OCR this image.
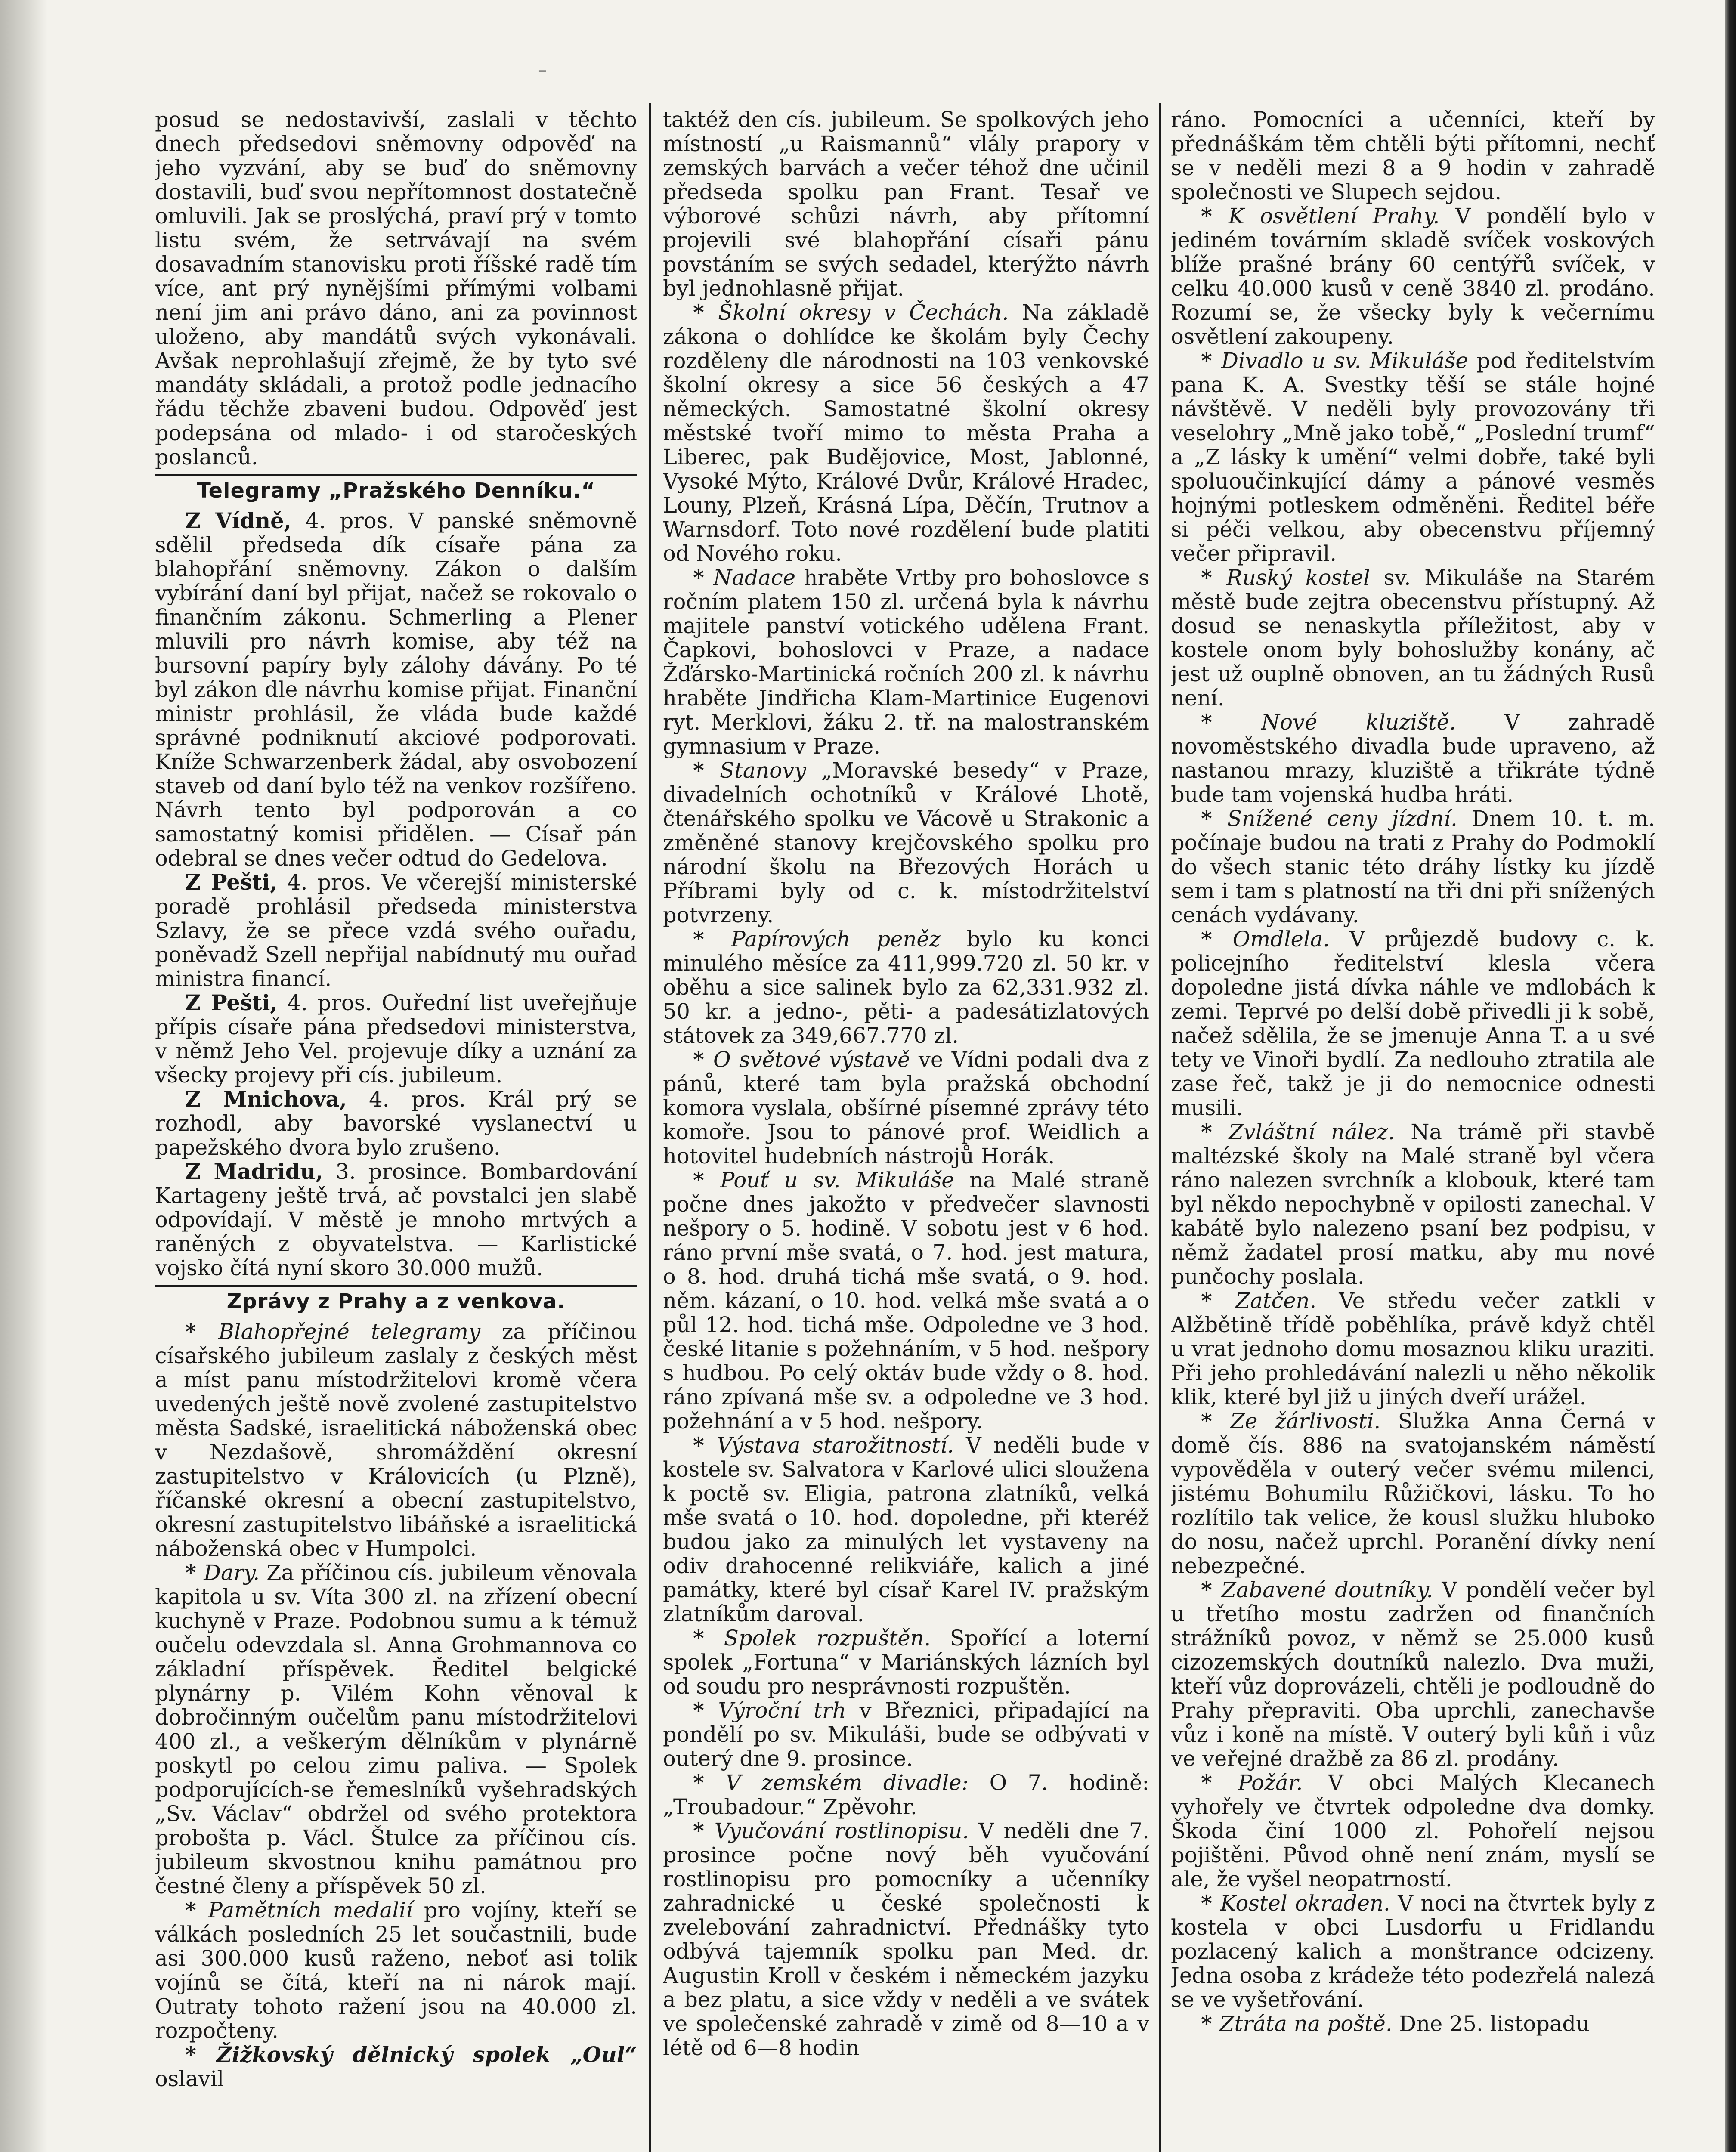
–

posud se nedostavivší, zaslali v těchto dnech předsedovi sněmovny odpověď na jeho vyzvání, aby se buď do sněmovny dostavili, buď svou nepřítomnost dostatečně omluvili. Jak se proslýchá, praví prý v tomto listu svém, že setrvávají na svém dosavadním stanovisku proti říšské radě tím více, ant prý nynějšími přímými volbami není jim ani právo dáno, ani za povinnost uloženo, aby mandátů svých vykonávali. Avšak neprohlašují zřejmě, že by tyto své mandáty skládali, a protož podle jednacího řádu těchže zbaveni budou. Odpověď jest podepsána od mlado- i od staročeských poslanců.

Telegramy „Pražského Denníku.“

Z Vídně, 4. pros. V panské sněmovně sdělil předseda dík císaře pána za blahopřání sněmovny. Zákon o dalším vybírání daní byl přijat, načež se rokovalo o finančním zákonu. Schmerling a Plener mluvili pro návrh komise, aby též na bursovní papíry byly zálohy dávány. Po té byl zákon dle návrhu komise přijat. Finanční ministr prohlásil, že vláda bude každé správné podniknutí akciové podporovati. Kníže Schwarzenberk žádal, aby osvobození staveb od daní bylo též na venkov rozšířeno. Návrh tento byl podporován a co samostatný komisi přidělen. — Císař pán odebral se dnes večer odtud do Gedelova.

Z Pešti, 4. pros. Ve včerejší ministerské poradě prohlásil předseda ministerstva Szlavy, že se přece vzdá svého ouřadu, poněvadž Szell nepřijal nabídnutý mu ouřad ministra financí.

Z Pešti, 4. pros. Ouřední list uveřejňuje přípis císaře pána předsedovi ministerstva, v němž Jeho Vel. projevuje díky a uznání za všecky projevy při cís. jubileum.

Z Mnichova, 4. pros. Král prý se rozhodl, aby bavorské vyslanectví u papežského dvora bylo zrušeno.

Z Madridu, 3. prosince. Bombardování Kartageny ještě trvá, ač povstalci jen slabě odpovídají. V městě je mnoho mrtvých a raněných z obyvatelstva. — Karlistické vojsko čítá nyní skoro 30.000 mužů.

Zprávy z Prahy a z venkova.

* Blahopřejné telegramy za příčinou císařského jubileum zaslaly z českých měst a míst panu místodržitelovi kromě včera uvedených ještě nově zvolené zastupitelstvo města Sadské, israelitická náboženská obec v Nezdašově, shromáždění okresní zastupitelstvo v Královicích (u Plzně), říčanské okresní a obecní zastupitelstvo, okresní zastupitelstvo libáňské a israelitická náboženská obec v Humpolci.

* Dary. Za příčinou cís. jubileum věnovala kapitola u sv. Víta 300 zl. na zřízení obecní kuchyně v Praze. Podobnou sumu a k témuž oučelu odevzdala sl. Anna Grohmannova co základní příspěvek. Ředitel belgické plynárny p. Vilém Kohn věnoval k dobročinným oučelům panu místodržitelovi 400 zl., a veškerým dělníkům v plynárně poskytl po celou zimu paliva. — Spolek podporujících-se řemeslníků vyšehradských „Sv. Václav“ obdržel od svého protektora probošta p. Václ. Štulce za příčinou cís. jubileum skvostnou knihu památnou pro čestné členy a příspěvek 50 zl.

* Pamětních medalií pro vojíny, kteří se válkách posledních 25 let součastnili, bude asi 300.000 kusů raženo, neboť asi tolik vojínů se čítá, kteří na ni nárok mají. Outraty tohoto ražení jsou na 40.000 zl. rozpočteny.

* Žižkovský dělnický spolek „Oul“ oslavil

taktéž den cís. jubileum. Se spolkových jeho místností „u Raismannů“ vlály prapory v zemských barvách a večer téhož dne učinil předseda spolku pan Frant. Tesař ve výborové schůzi návrh, aby přítomní projevili své blahopřání císaři pánu povstáním se svých sedadel, kterýžto návrh byl jednohlasně přijat.

* Školní okresy v Čechách. Na základě zákona o dohlídce ke školám byly Čechy rozděleny dle národnosti na 103 venkovské školní okresy a sice 56 českých a 47 německých. Samostatné školní okresy městské tvoří mimo to města Praha a Liberec, pak Budějovice, Most, Jablonné, Vysoké Mýto, Králové Dvůr, Králové Hradec, Louny, Plzeň, Krásná Lípa, Děčín, Trutnov a Warnsdorf. Toto nové rozdělení bude platiti od Nového roku.

* Nadace hraběte Vrtby pro bohoslovce s ročním platem 150 zl. určená byla k návrhu majitele panství votického udělena Frant. Čapkovi, bohoslovci v Praze, a nadace Žďársko-Martinická ročních 200 zl. k návrhu hraběte Jindřicha Klam-Martinice Eugenovi ryt. Merklovi, žáku 2. tř. na malostranském gymnasium v Praze.

* Stanovy „Moravské besedy“ v Praze, divadelních ochotníků v Králové Lhotě, čtenářského spolku ve Vácově u Strakonic a změněné stanovy krejčovského spolku pro národní školu na Březových Horách u Příbrami byly od c. k. místodržitelství potvrzeny.

* Papírových peněz bylo ku konci minulého měsíce za 411,999.720 zl. 50 kr. v oběhu a sice salinek bylo za 62,331.932 zl. 50 kr. a jedno-, pěti- a padesátizlatových státovek za 349,667.770 zl.

* O světové výstavě ve Vídni podali dva z pánů, které tam byla pražská obchodní komora vyslala, obšírné písemné zprávy této komoře. Jsou to pánové prof. Weidlich a hotovitel hudebních nástrojů Horák.

* Pouť u sv. Mikuláše na Malé straně počne dnes jakožto v předvečer slavnosti nešpory o 5. hodině. V sobotu jest v 6 hod. ráno první mše svatá, o 7. hod. jest matura, o 8. hod. druhá tichá mše svatá, o 9. hod. něm. kázaní, o 10. hod. velká mše svatá a o půl 12. hod. tichá mše. Odpoledne ve 3 hod. české litanie s požehnáním, v 5 hod. nešpory s hudbou. Po celý oktáv bude vždy o 8. hod. ráno zpívaná mše sv. a odpoledne ve 3 hod. požehnání a v 5 hod. nešpory.

* Výstava starožitností. V neděli bude v kostele sv. Salvatora v Karlové ulici sloužena k poctě sv. Eligia, patrona zlatníků, velká mše svatá o 10. hod. dopoledne, při kteréž budou jako za minulých let vystaveny na odiv drahocenné relikviáře, kalich a jiné památky, které byl císař Karel IV. pražským zlatníkům daroval.

* Spolek rozpuštěn. Spořící a loterní spolek „Fortuna“ v Mariánských lázních byl od soudu pro nesprávnosti rozpuštěn.

* Výroční trh v Březnici, připadající na pondělí po sv. Mikuláši, bude se odbývati v outerý dne 9. prosince.

* V zemském divadle: O 7. hodině: „Troubadour.“ Zpěvohr.

* Vyučování rostlinopisu. V neděli dne 7. prosince počne nový běh vyučování rostlinopisu pro pomocníky a učenníky zahradnické u české společnosti k zvelebování zahradnictví. Přednášky tyto odbývá tajemník spolku pan Med. dr. Augustin Kroll v českém i německém jazyku a bez platu, a sice vždy v neděli a ve svátek ve společenské zahradě v zimě od 8—10 a v létě od 6—8 hodin

ráno. Pomocníci a učenníci, kteří by přednáškám těm chtěli býti přítomni, nechť se v neděli mezi 8 a 9 hodin v zahradě společnosti ve Slupech sejdou.

* K osvětlení Prahy. V pondělí bylo v jediném továrním skladě svíček voskových blíže prašné brány 60 centýřů svíček, v celku 40.000 kusů v ceně 3840 zl. prodáno. Rozumí se, že všecky byly k večernímu osvětlení zakoupeny.

* Divadlo u sv. Mikuláše pod ředitelstvím pana K. A. Svestky těší se stále hojné návštěvě. V neděli byly provozovány tři veselohry „Mně jako tobě,“ „Poslední trumf“ a „Z lásky k umění“ velmi dobře, také byli spoluoučinkující dámy a pánové vesměs hojnými potleskem odměněni. Ředitel béře si péči velkou, aby obecenstvu příjemný večer připravil.

* Ruský kostel sv. Mikuláše na Starém městě bude zejtra obecenstvu přístupný. Až dosud se nenaskytla příležitost, aby v kostele onom byly bohoslužby konány, ač jest už ouplně obnoven, an tu žádných Rusů není.

* Nové kluziště. V zahradě novoměstského divadla bude upraveno, až nastanou mrazy, kluziště a třikráte týdně bude tam vojenská hudba hráti.

* Snížené ceny jízdní. Dnem 10. t. m. počínaje budou na trati z Prahy do Podmoklí do všech stanic této dráhy lístky ku jízdě sem i tam s platností na tři dni při snížených cenách vydávany.

* Omdlela. V průjezdě budovy c. k. policejního ředitelství klesla včera dopoledne jistá dívka náhle ve mdlobách k zemi. Teprvé po delší době přivedli ji k sobě, načež sdělila, že se jmenuje Anna T. a u své tety ve Vinoři bydlí. Za nedlouho ztratila ale zase řeč, takž je ji do nemocnice odnesti musili.

* Zvláštní nález. Na trámě při stavbě maltézské školy na Malé straně byl včera ráno nalezen svrchník a klobouk, které tam byl někdo nepochybně v opilosti zanechal. V kabátě bylo nalezeno psaní bez podpisu, v němž žadatel prosí matku, aby mu nové punčochy poslala.

* Zatčen. Ve středu večer zatkli v Alžbětině třídě poběhlíka, právě když chtěl u vrat jednoho domu mosaznou kliku uraziti. Při jeho prohledávání nalezli u něho několik klik, které byl již u jiných dveří urážel.

* Ze žárlivosti. Služka Anna Černá v domě čís. 886 na svatojanském náměstí vypověděla v outerý večer svému milenci, jistému Bohumilu Růžičkovi, lásku. To ho rozlítilo tak velice, že kousl služku hluboko do nosu, načež uprchl. Poranění dívky není nebezpečné.

* Zabavené doutníky. V pondělí večer byl u třetího mostu zadržen od finančních strážníků povoz, v němž se 25.000 kusů cizozemských doutníků nalezlo. Dva muži, kteří vůz doprovázeli, chtěli je podloudně do Prahy přepraviti. Oba uprchli, zanechavše vůz i koně na místě. V outerý byli kůň i vůz ve veřejné dražbě za 86 zl. prodány.

* Požár. V obci Malých Klecanech vyhořely ve čtvrtek odpoledne dva domky. Škoda činí 1000 zl. Pohořelí nejsou pojištěni. Původ ohně není znám, myslí se ale, že vyšel neopatrností.

* Kostel okraden. V noci na čtvrtek byly z kostela v obci Lusdorfu u Fridlandu pozlacený kalich a monštrance odcizeny. Jedna osoba z krádeže této podezřelá nalezá se ve vyšetřování.

* Ztráta na poště. Dne 25. listopadu
